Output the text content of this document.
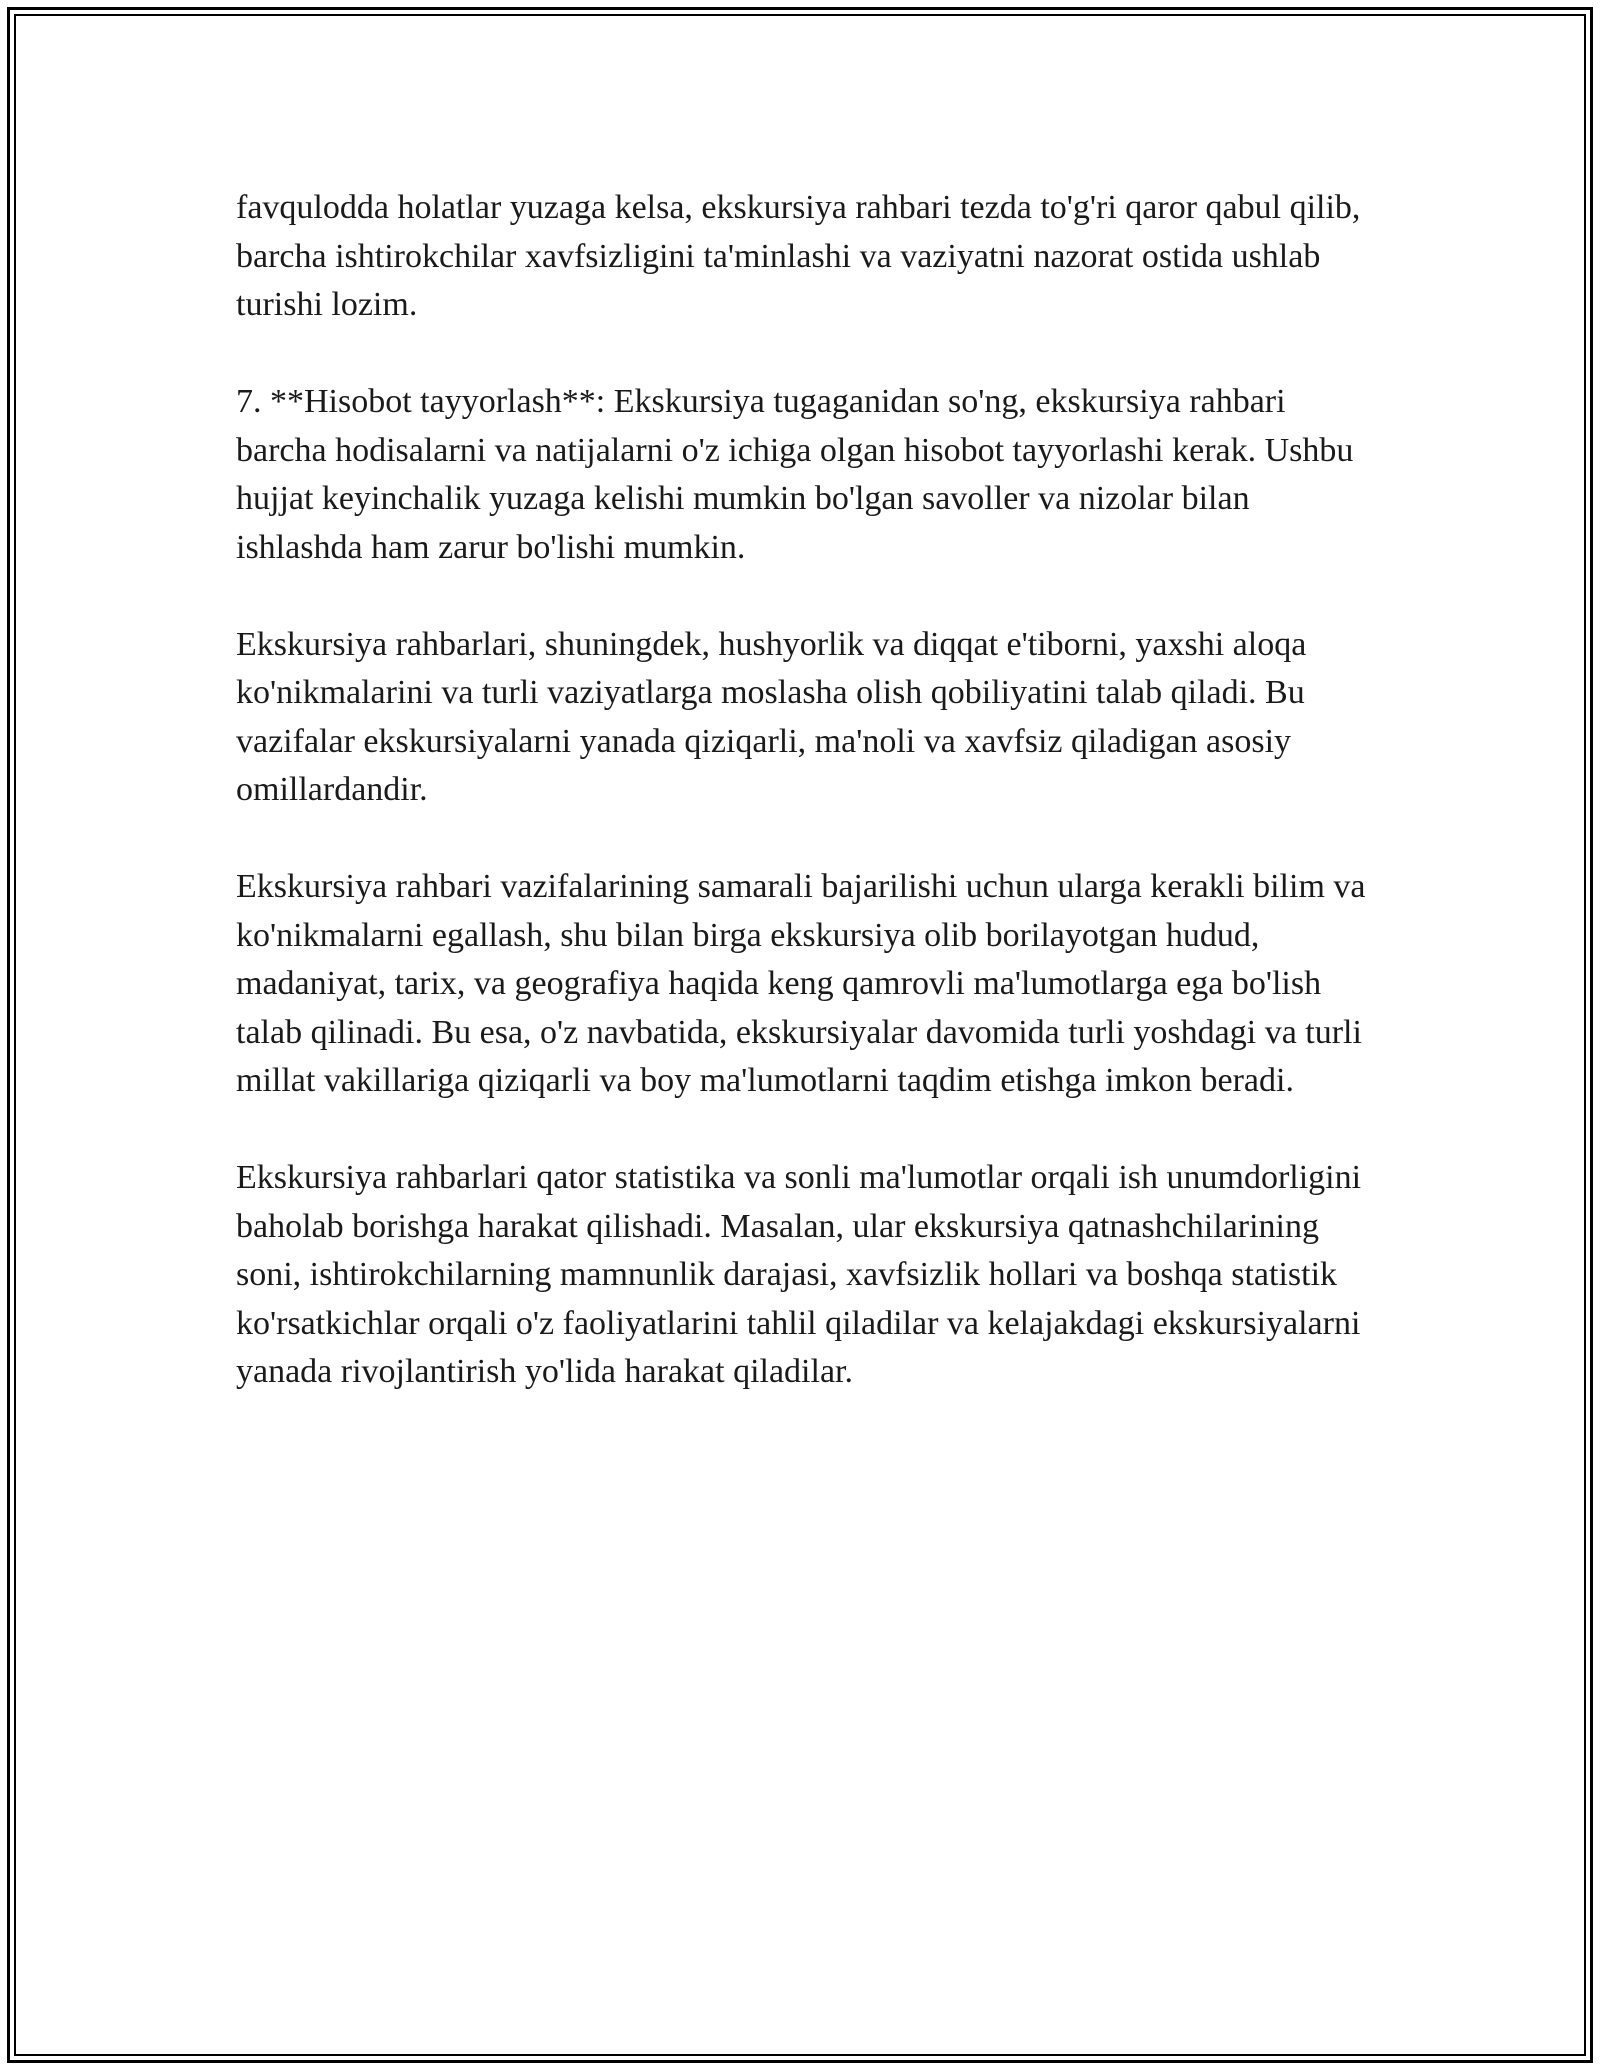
favqulodda holatlar yuzaga kelsa, ekskursiya rahbari tezda to'g'ri qaror qabul qilib, barcha ishtirokchilar xavfsizligini ta'minlashi va vaziyatni nazorat ostida ushlab turishi lozim.

7. **Hisobot tayyorlash**: Ekskursiya tugaganidan so'ng, ekskursiya rahbari barcha hodisalarni va natijalarni o'z ichiga olgan hisobot tayyorlashi kerak. Ushbu hujjat keyinchalik yuzaga kelishi mumkin bo'lgan savoller va nizolar bilan ishlashda ham zarur bo'lishi mumkin.

Ekskursiya rahbarlari, shuningdek, hushyorlik va diqqat e'tiborni, yaxshi aloqa ko'nikmalarini va turli vaziyatlarga moslasha olish qobiliyatini talab qiladi. Bu vazifalar ekskursiyalarni yanada qiziqarli, ma'noli va xavfsiz qiladigan asosiy omillardandir.

Ekskursiya rahbari vazifalarining samarali bajarilishi uchun ularga kerakli bilim va ko'nikmalarni egallash, shu bilan birga ekskursiya olib borilayotgan hudud, madaniyat, tarix, va geografiya haqida keng qamrovli ma'lumotlarga ega bo'lish talab qilinadi. Bu esa, o'z navbatida, ekskursiyalar davomida turli yoshdagi va turli millat vakillariga qiziqarli va boy ma'lumotlarni taqdim etishga imkon beradi.

Ekskursiya rahbarlari qator statistika va sonli ma'lumotlar orqali ish unumdorligini baholab borishga harakat qilishadi. Masalan, ular ekskursiya qatnashchilarining soni, ishtirokchilarning mamnunlik darajasi, xavfsizlik hollari va boshqa statistik ko'rsatkichlar orqali o'z faoliyatlarini tahlil qiladilar va kelajakdagi ekskursiyalarni yanada rivojlantirish yo'lida harakat qiladilar.
